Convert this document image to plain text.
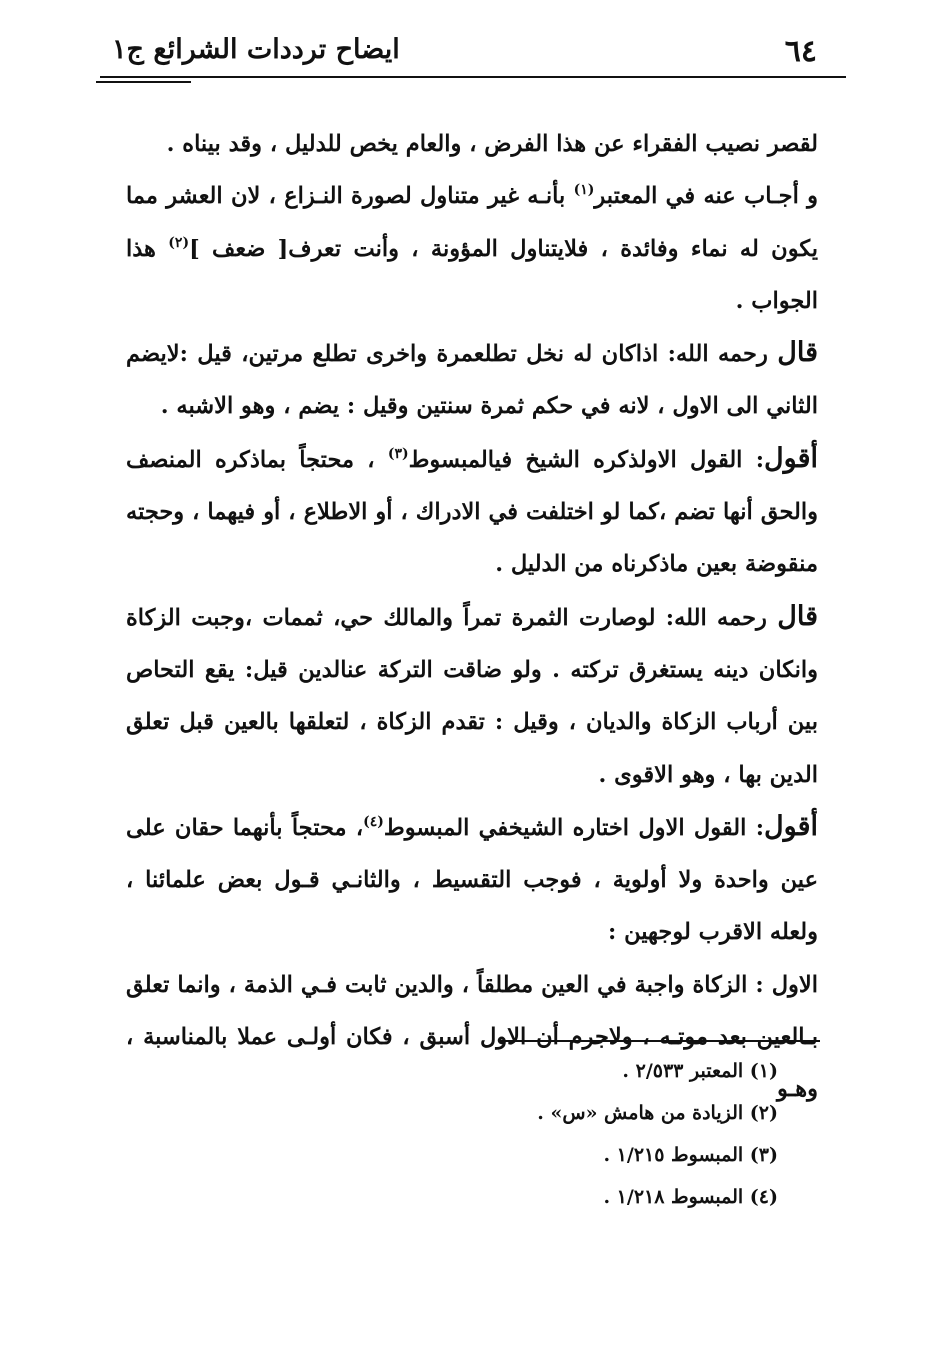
٦٤
ايضاح ترددات الشرائع ج١

لقصر نصيب الفقراء عن هذا الفرض ، والعام يخص للدليل ، وقد بيناه .

و أجـاب عنه في المعتبر$^{(١)}$ بأنـه غير متناول لصورة النـزاع ، لان العشر مما يكون له نماء وفائدة ، فلايتناول المؤونة ، وأنت تعرف[ ضعف ]$^{(٢)}$ هذا الجواب .

قال رحمه الله: اذاكان له نخل تطلعمرة واخرى تطلع مرتين، قيل :لايضم الثاني الى الاول ، لانه في حكم ثمرة سنتين وقيل : يضم ، وهو الاشبه .

أقول: القول الاولذكره الشيخ فيالمبسوط$^{(٣)}$ ، محتجاً بماذكره المنصف والحق أنها تضم ،كما لو اختلفت في الادراك ، أو الاطلاع ، أو فيهما ، وحجته منقوضة بعين ماذكرناه من الدليل .

قال رحمه الله: لوصارت الثمرة تمراً والمالك حي، ثممات ،وجبت الزكاة وانكان دينه يستغرق تركته . ولو ضاقت التركة عنالدين قيل: يقع التحاص بين أرباب الزكاة والديان ، وقيل : تقدم الزكاة ، لتعلقها بالعين قبل تعلق الدين بها ، وهو الاقوى .

أقول: القول الاول اختاره الشيخفي المبسوط$^{(٤)}$، محتجاً بأنهما حقان على عين واحدة ولا أولوية ، فوجب التقسيط ، والثانـي قـول بعض علمائنا ، ولعله الاقرب لوجهين :

الاول : الزكاة واجبة في العين مطلقاً ، والدين ثابت فـي الذمة ، وانما تعلق بـالعين بعد موتـه ، ولاجرم أن الاول أسبق ، فكان أولـى عملا بالمناسبة ، وهـو

(١) المعتبر ٢/٥٣٣ .
(٢) الزيادة من هامش «س» .
(٣) المبسوط ١/٢١٥ .
(٤) المبسوط ١/٢١٨ .
